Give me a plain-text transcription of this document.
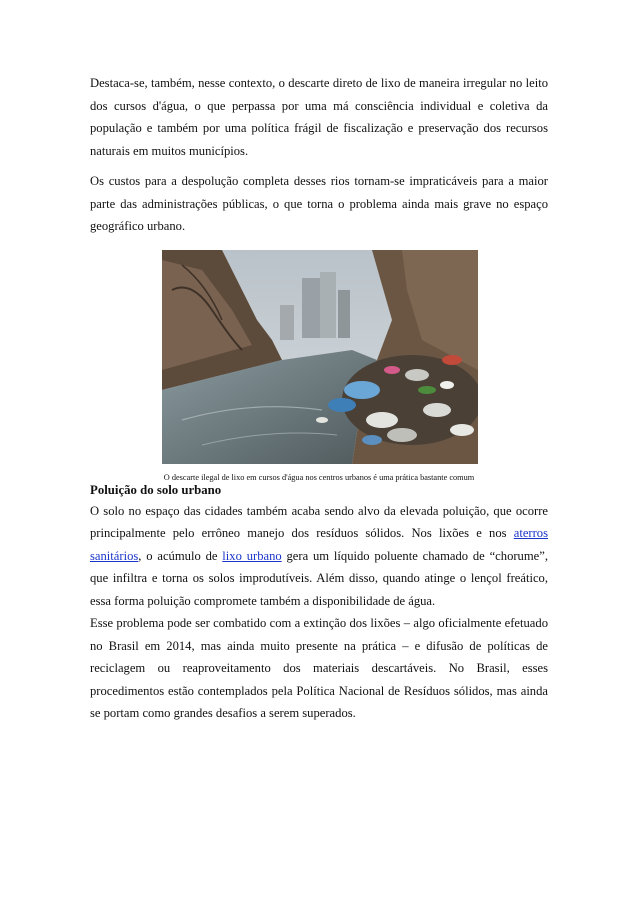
Destaca-se, também, nesse contexto, o descarte direto de lixo de maneira irregular no leito dos cursos d'água, o que perpassa por uma má consciência individual e coletiva da população e também por uma política frágil de fiscalização e preservação dos recursos naturais em muitos municípios.

Os custos para a despolução completa desses rios tornam-se impraticáveis para a maior parte das administrações públicas, o que torna o problema ainda mais grave no espaço geográfico urbano.

O descarte ilegal de lixo em cursos d'água nos centros urbanos é uma prática bastante comum

Poluição do solo urbano

O solo no espaço das cidades também acaba sendo alvo da elevada poluição, que ocorre principalmente pelo errôneo manejo dos resíduos sólidos. Nos lixões e nos aterros sanitários, o acúmulo de lixo urbano gera um líquido poluente chamado de “chorume”, que infiltra e torna os solos improdutíveis. Além disso, quando atinge o lençol freático, essa forma poluição compromete também a disponibilidade de água.

Esse problema pode ser combatido com a extinção dos lixões – algo oficialmente efetuado no Brasil em 2014, mas ainda muito presente na prática – e difusão de políticas de reciclagem ou reaproveitamento dos materiais descartáveis. No Brasil, esses procedimentos estão contemplados pela Política Nacional de Resíduos sólidos, mas ainda se portam como grandes desafios a serem superados.
